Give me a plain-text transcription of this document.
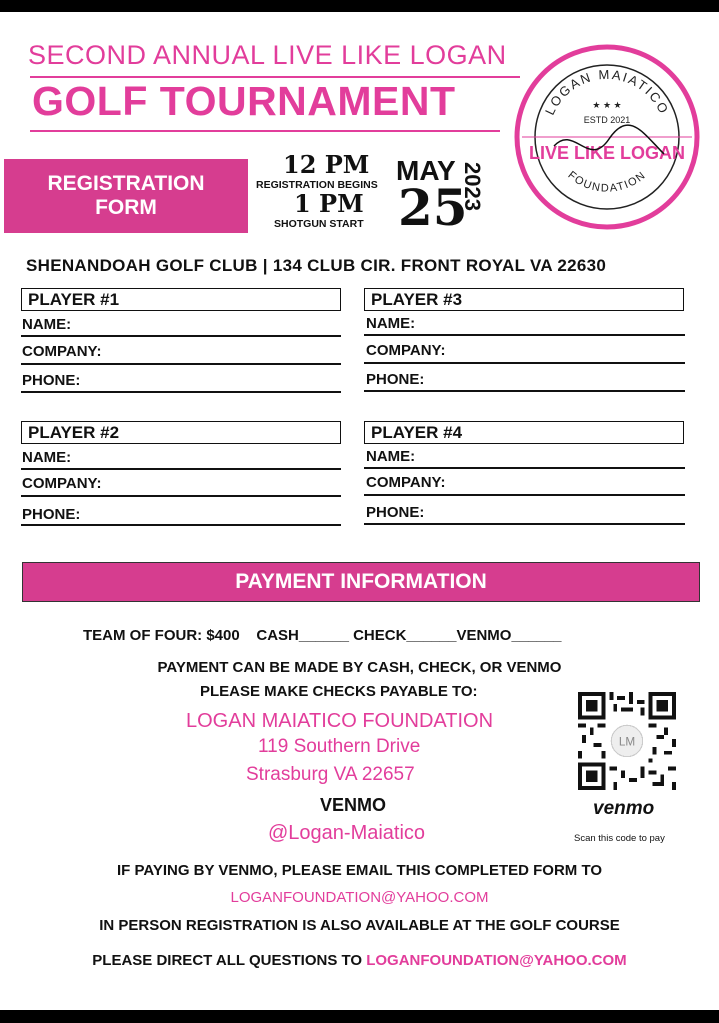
SECOND ANNUAL LIVE LIKE LOGAN
GOLF TOURNAMENT	LOGAN MAIATICO
FOUNDATION
★ ★ ★
ESTD 2021
LIVE LIKE LOGAN
REGISTRATION
FORM
12 PM
REGISTRATION BEGINS
1 PM
SHOTGUN START
MAY
25
2023
SHENANDOAH GOLF CLUB | 134 CLUB CIR. FRONT ROYAL VA 22630
PLAYER #1
NAME:
COMPANY:
PHONE:
PLAYER #3
NAME:
COMPANY:
PHONE:
PLAYER #2
NAME:
COMPANY:
PHONE:
PLAYER #4
NAME:
COMPANY:
PHONE:
PAYMENT INFORMATION
TEAM OF FOUR: $400    CASH______ CHECK______VENMO______
PAYMENT CAN BE MADE BY CASH, CHECK, OR VENMO
PLEASE MAKE CHECKS PAYABLE TO:
LOGAN MAIATICO FOUNDATION
119 Southern Drive
Strasburg VA 22657
VENMO
@Logan-Maiatico
LM
venmo
Scan this code to pay
IF PAYING BY VENMO, PLEASE EMAIL THIS COMPLETED FORM TO
LOGANFOUNDATION@YAHOO.COM
IN PERSON REGISTRATION IS ALSO AVAILABLE AT THE GOLF COURSE
PLEASE DIRECT ALL QUESTIONS TO LOGANFOUNDATION@YAHOO.COM
